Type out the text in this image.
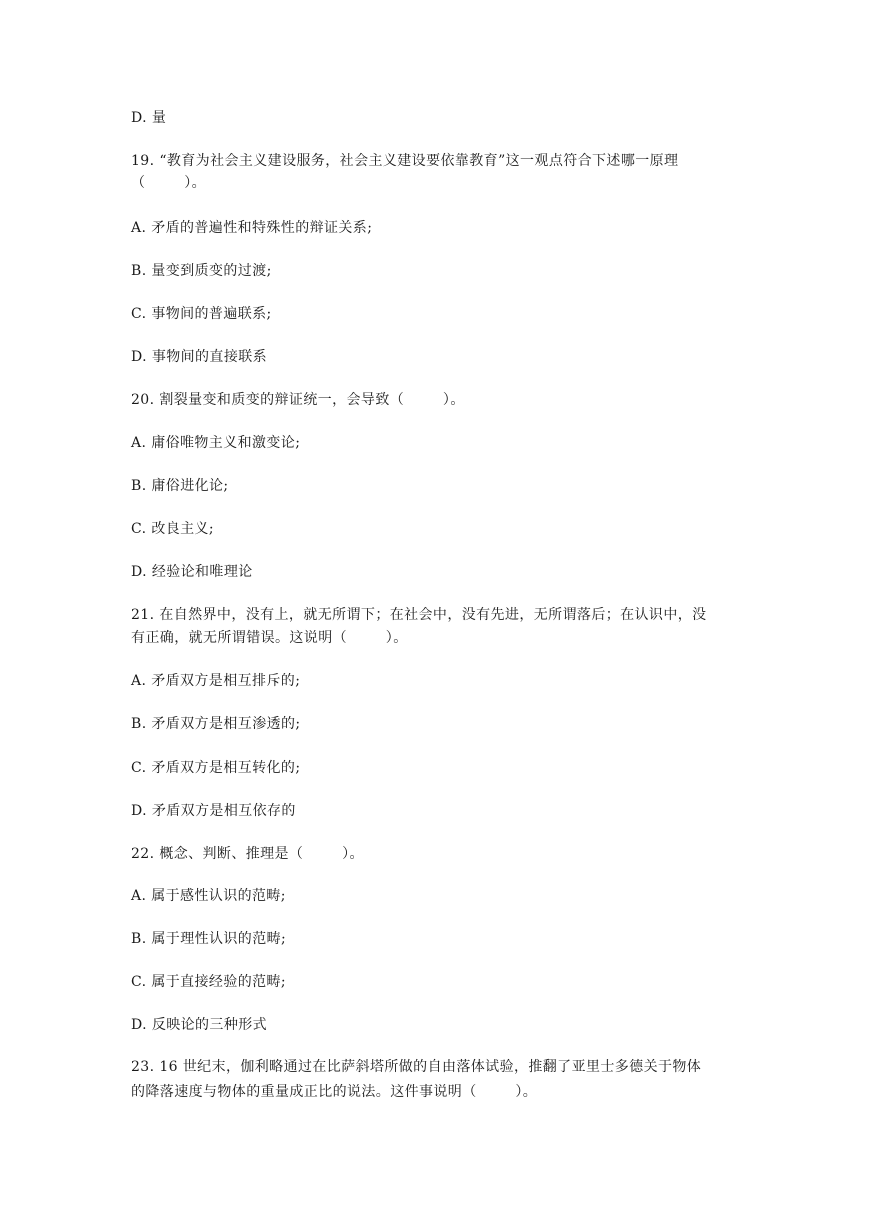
D. 量
19. “教育为社会主义建设服务，社会主义建设要依靠教育”这一观点符合下述哪一原理
（        ）。
A. 矛盾的普遍性和特殊性的辩证关系;
B. 量变到质变的过渡;
C. 事物间的普遍联系;
D. 事物间的直接联系
20. 割裂量变和质变的辩证统一，会导致（        ）。
A. 庸俗唯物主义和激变论;
B. 庸俗进化论;
C. 改良主义;
D. 经验论和唯理论
21. 在自然界中，没有上，就无所谓下；在社会中，没有先进，无所谓落后；在认识中，没
有正确，就无所谓错误。这说明（        ）。
A. 矛盾双方是相互排斥的;
B. 矛盾双方是相互渗透的;
C. 矛盾双方是相互转化的;
D. 矛盾双方是相互依存的
22. 概念、判断、推理是（        ）。
A. 属于感性认识的范畴;
B. 属于理性认识的范畴;
C. 属于直接经验的范畴;
D. 反映论的三种形式
23. 16 世纪末，伽利略通过在比萨斜塔所做的自由落体试验，推翻了亚里士多德关于物体
的降落速度与物体的重量成正比的说法。这件事说明（        ）。
